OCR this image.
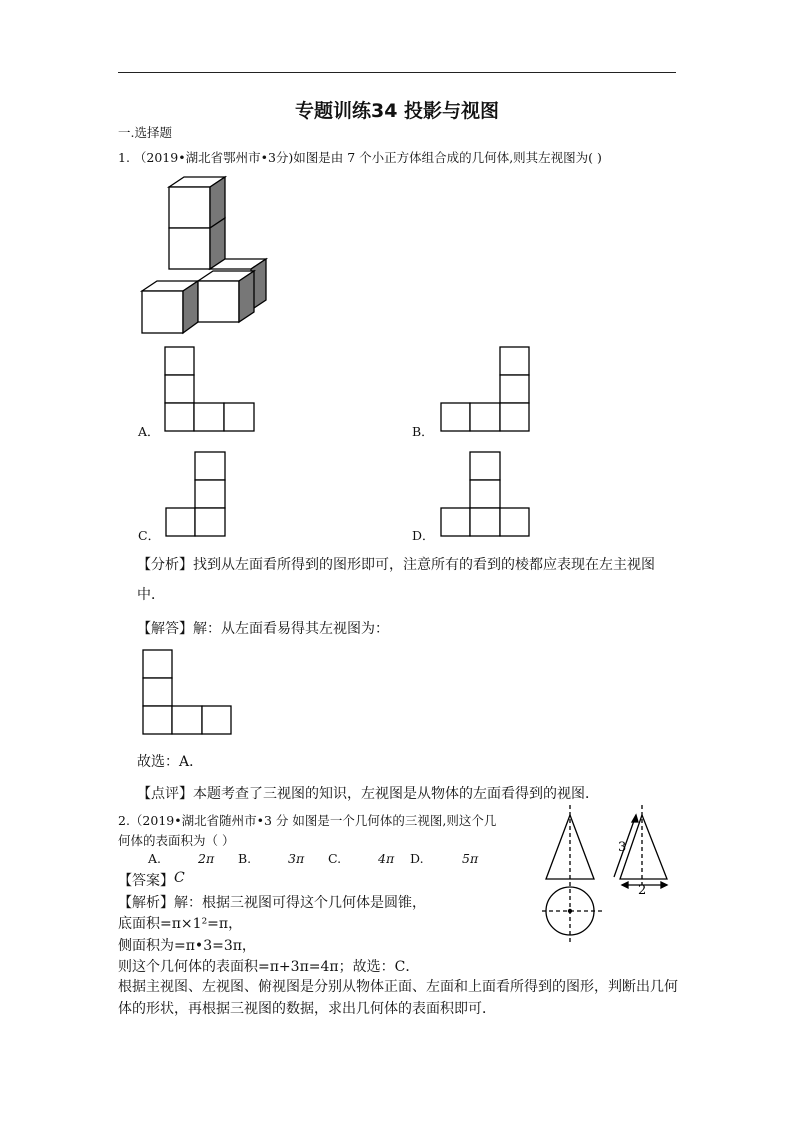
专题训练34 投影与视图
一.选择题
1. （2019•湖北省鄂州市•3分)如图是由 7 个小正方体组合成的几何体,则其左视图为( )
A．	B．
C．	D．
【分析】找到从左面看所得到的图形即可，注意所有的看到的棱都应表现在左主视图
中．
【解答】解：从左面看易得其左视图为：
故选：A．
【点评】本题考查了三视图的知识，左视图是从物体的左面看得到的视图．
2.（2019•湖北省随州市•3 分 如图是一个几何体的三视图,则这个几
何体的表面积为（ ）
A.	2π B.	3π C.	4π D.	5π
【答案】 C
【解析】解：根据三视图可得这个几何体是圆锥，
底面积=π×1²=π，
侧面积为=π•3=3π，
则这个几何体的表面积=π+3π=4π；故选：C．
根据主视图、左视图、俯视图是分别从物体正面、左面和上面看所得到的图形，判断出几何
体的形状，再根据三视图的数据，求出几何体的表面积即可．
3
2
